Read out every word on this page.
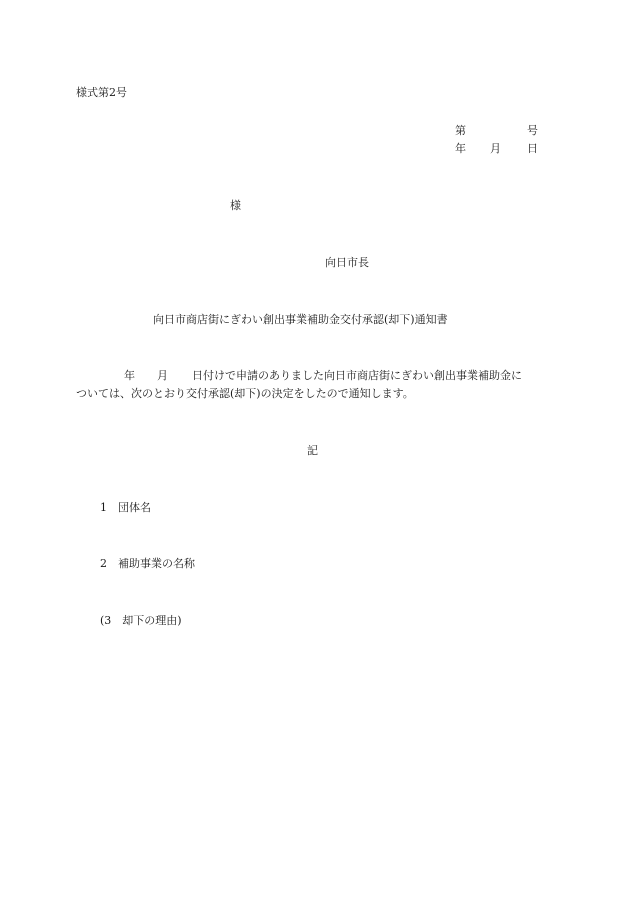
様式第2号
第	号
年 月 日
様
向日市長
向日市商店街にぎわい創出事業補助金交付承認(却下)通知書
年 月 日付けで申請のありました向日市商店街にぎわい創出事業補助金に
ついては、次のとおり交付承認(却下)の決定をしたので通知します。
記
1　団体名
2　補助事業の名称
(3　却下の理由)
